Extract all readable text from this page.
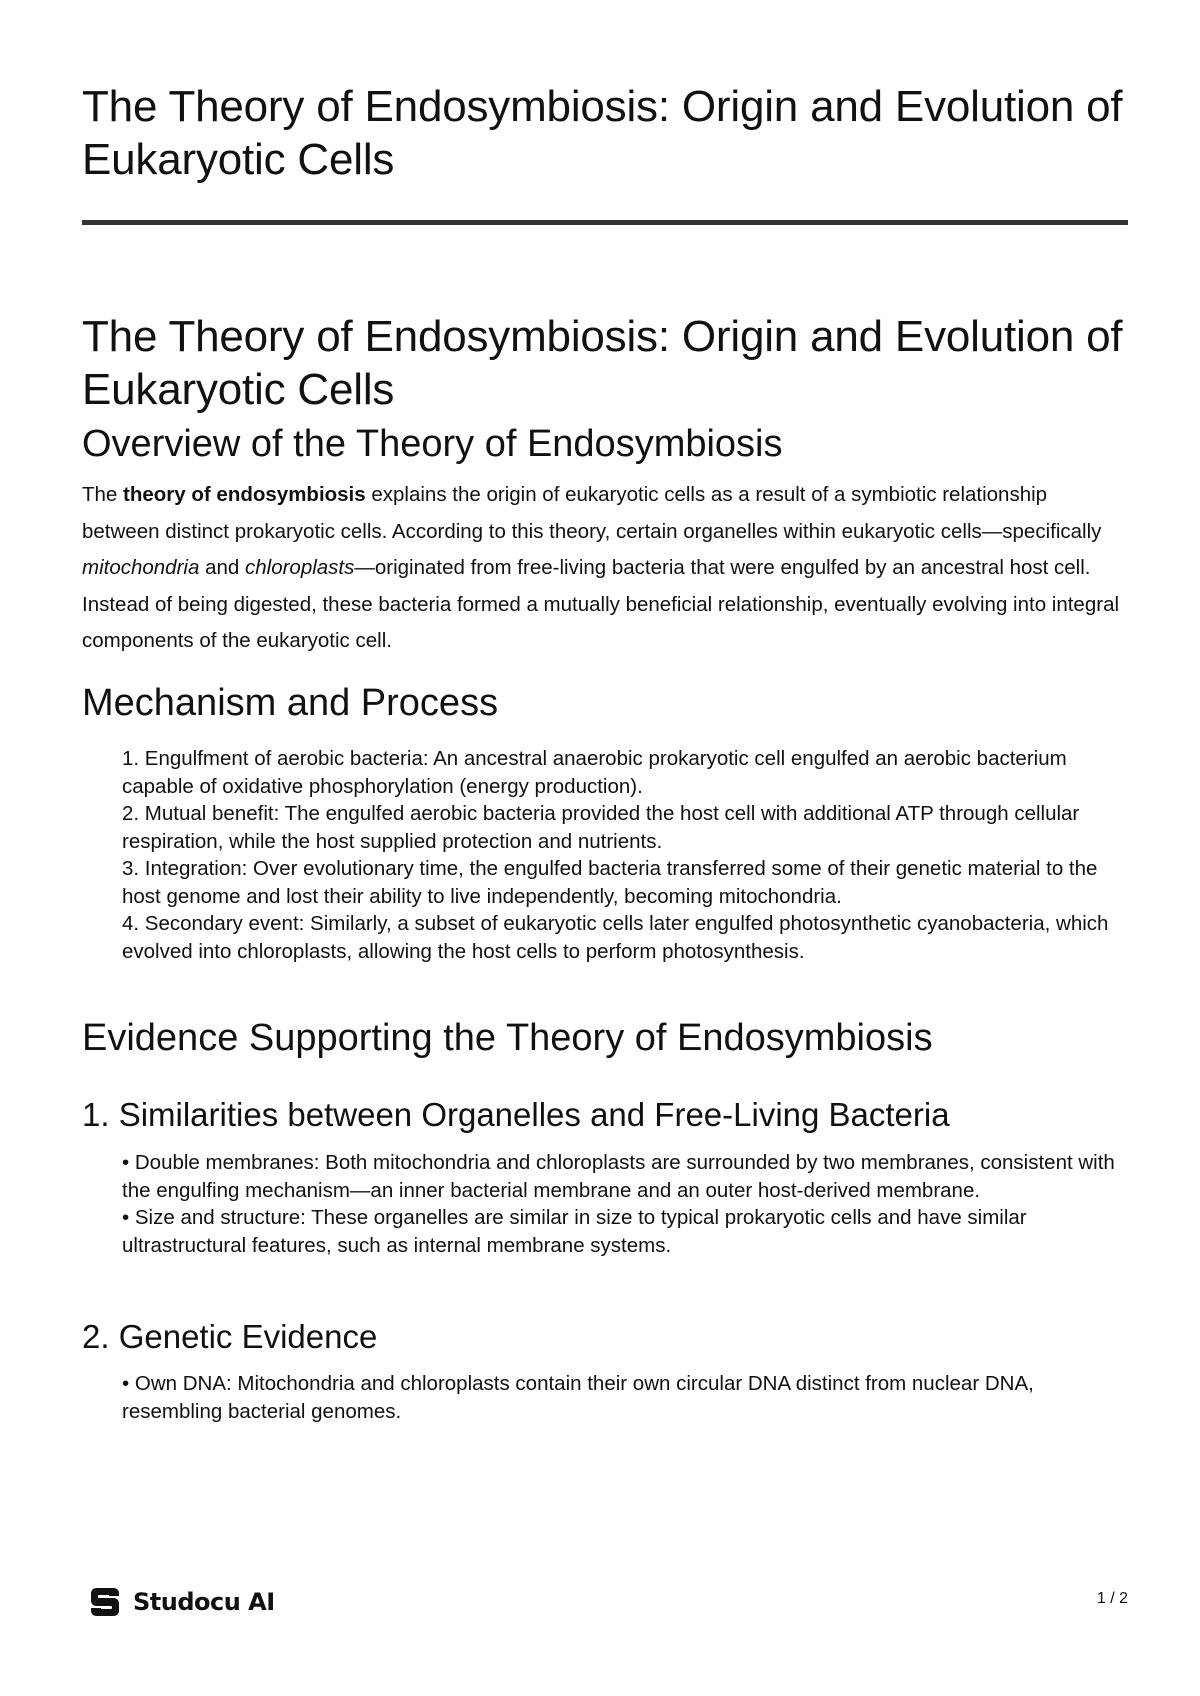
The Theory of Endosymbiosis: Origin and Evolution of Eukaryotic Cells
The Theory of Endosymbiosis: Origin and Evolution of Eukaryotic Cells
Overview of the Theory of Endosymbiosis

The theory of endosymbiosis explains the origin of eukaryotic cells as a result of a symbiotic relationship between distinct prokaryotic cells. According to this theory, certain organelles within eukaryotic cells—specifically mitochondria and chloroplasts—originated from free-living bacteria that were engulfed by an ancestral host cell. Instead of being digested, these bacteria formed a mutually beneficial relationship, eventually evolving into integral components of the eukaryotic cell.

Mechanism and Process
1. Engulfment of aerobic bacteria: An ancestral anaerobic prokaryotic cell engulfed an aerobic bacterium capable of oxidative phosphorylation (energy production).
2. Mutual benefit: The engulfed aerobic bacteria provided the host cell with additional ATP through cellular respiration, while the host supplied protection and nutrients.
3. Integration: Over evolutionary time, the engulfed bacteria transferred some of their genetic material to the host genome and lost their ability to live independently, becoming mitochondria.
4. Secondary event: Similarly, a subset of eukaryotic cells later engulfed photosynthetic cyanobacteria, which evolved into chloroplasts, allowing the host cells to perform photosynthesis.
Evidence Supporting the Theory of Endosymbiosis
1. Similarities between Organelles and Free-Living Bacteria
• Double membranes: Both mitochondria and chloroplasts are surrounded by two membranes, consistent with the engulfing mechanism—an inner bacterial membrane and an outer host-derived membrane.
• Size and structure: These organelles are similar in size to typical prokaryotic cells and have similar ultrastructural features, such as internal membrane systems.
2. Genetic Evidence
• Own DNA: Mitochondria and chloroplasts contain their own circular DNA distinct from nuclear DNA, resembling bacterial genomes.
Studocu AI	1 / 2
